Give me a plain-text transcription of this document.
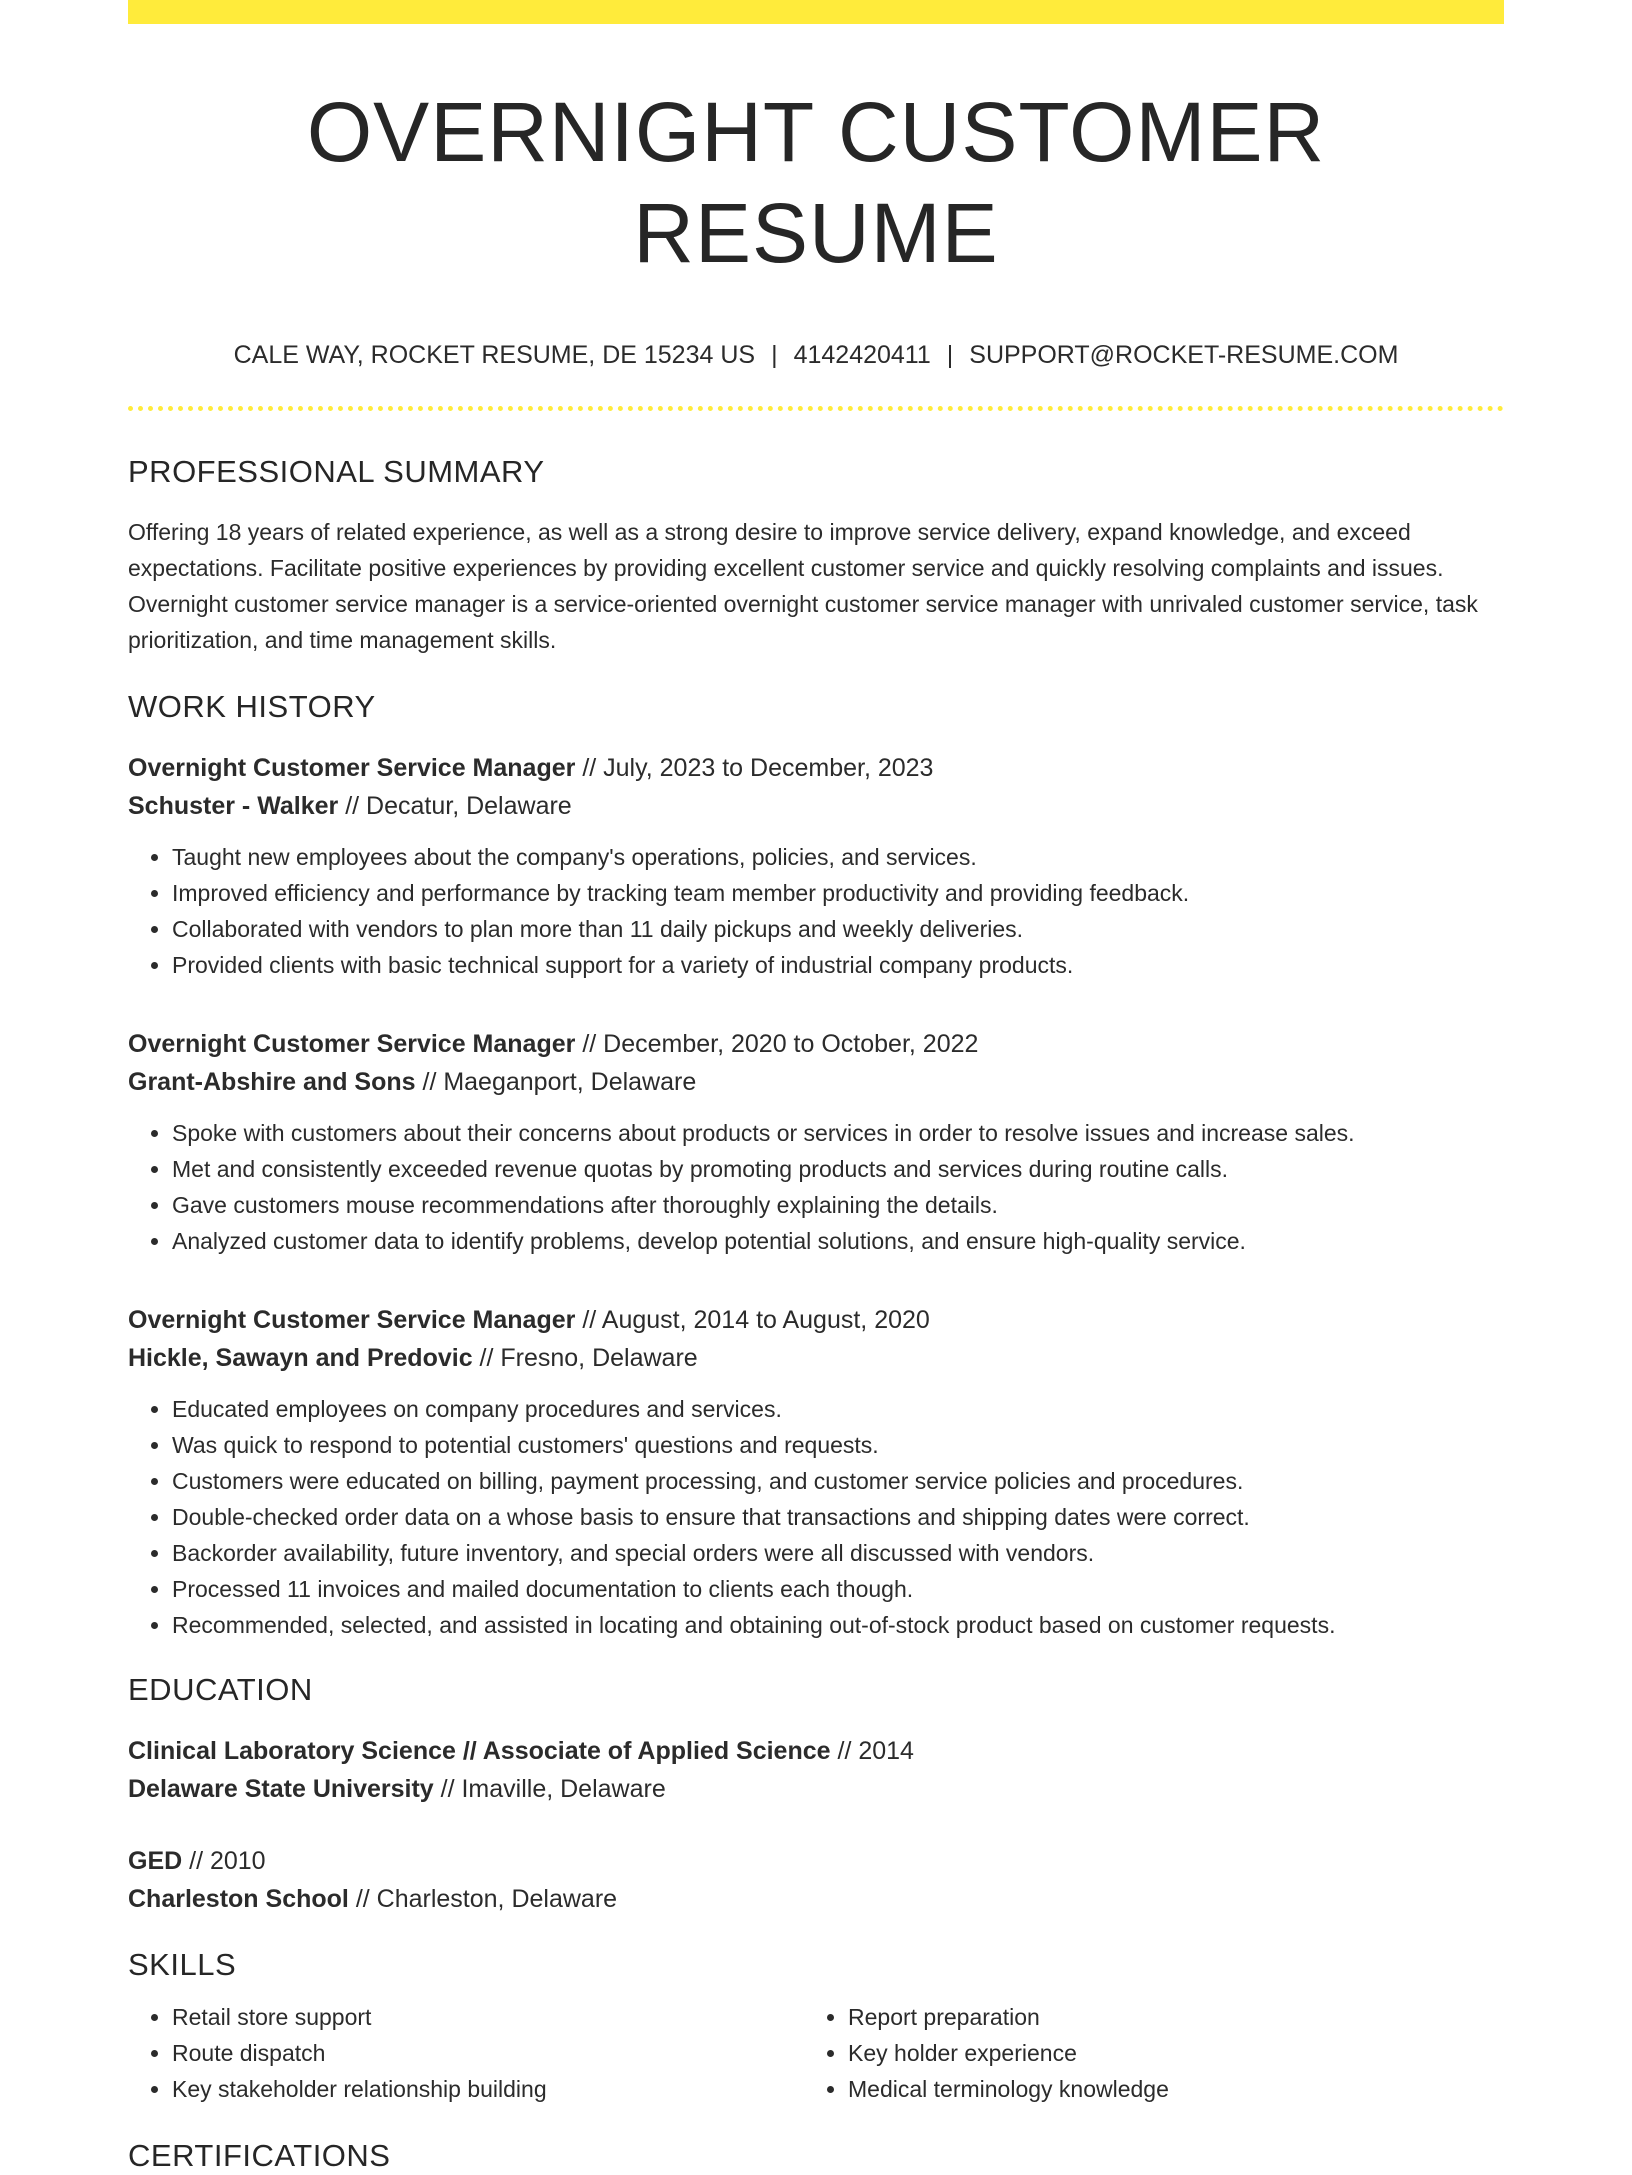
OVERNIGHT CUSTOMER RESUME
CALE WAY, ROCKET RESUME, DE 15234 US | 4142420411 | SUPPORT@ROCKET-RESUME.COM
PROFESSIONAL SUMMARY

Offering 18 years of related experience, as well as a strong desire to improve service delivery, expand knowledge, and exceed expectations. Facilitate positive experiences by providing excellent customer service and quickly resolving complaints and issues. Overnight customer service manager is a service-oriented overnight customer service manager with unrivaled customer service, task prioritization, and time management skills.

WORK HISTORY
Overnight Customer Service Manager // July, 2023 to December, 2023
Schuster - Walker // Decatur, Delaware
• Taught new employees about the company's operations, policies, and services.
• Improved efficiency and performance by tracking team member productivity and providing feedback.
• Collaborated with vendors to plan more than 11 daily pickups and weekly deliveries.
• Provided clients with basic technical support for a variety of industrial company products.
Overnight Customer Service Manager // December, 2020 to October, 2022
Grant-Abshire and Sons // Maeganport, Delaware
• Spoke with customers about their concerns about products or services in order to resolve issues and increase sales.
• Met and consistently exceeded revenue quotas by promoting products and services during routine calls.
• Gave customers mouse recommendations after thoroughly explaining the details.
• Analyzed customer data to identify problems, develop potential solutions, and ensure high-quality service.
Overnight Customer Service Manager // August, 2014 to August, 2020
Hickle, Sawayn and Predovic // Fresno, Delaware
• Educated employees on company procedures and services.
• Was quick to respond to potential customers' questions and requests.
• Customers were educated on billing, payment processing, and customer service policies and procedures.
• Double-checked order data on a whose basis to ensure that transactions and shipping dates were correct.
• Backorder availability, future inventory, and special orders were all discussed with vendors.
• Processed 11 invoices and mailed documentation to clients each though.
• Recommended, selected, and assisted in locating and obtaining out-of-stock product based on customer requests.
EDUCATION
Clinical Laboratory Science // Associate of Applied Science // 2014
Delaware State University // Imaville, Delaware
GED // 2010
Charleston School // Charleston, Delaware
SKILLS
• Retail store support
• Route dispatch
• Key stakeholder relationship building
• Report preparation
• Key holder experience
• Medical terminology knowledge
CERTIFICATIONS
